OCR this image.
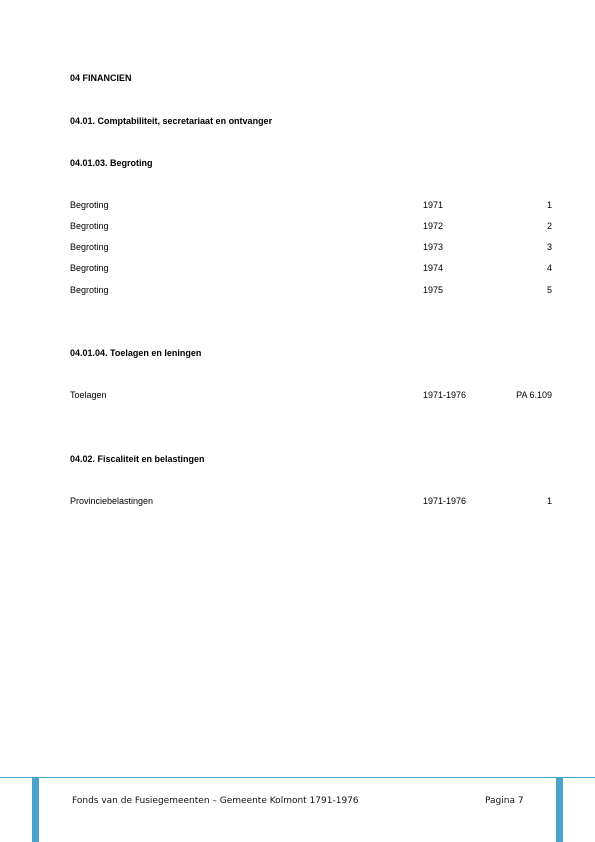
04 FINANCIEN
04.01. Comptabiliteit, secretariaat en ontvanger
04.01.03. Begroting
Begroting	1971	1
Begroting	1972	2
Begroting	1973	3
Begroting	1974	4
Begroting	1975	5
04.01.04. Toelagen en leningen
Toelagen	1971-1976	PA 6.109
04.02. Fiscaliteit en belastingen
Provinciebelastingen	1971-1976	1
Fonds van de Fusiegemeenten – Gemeente Kolmont 1791-1976	Pagina 7
